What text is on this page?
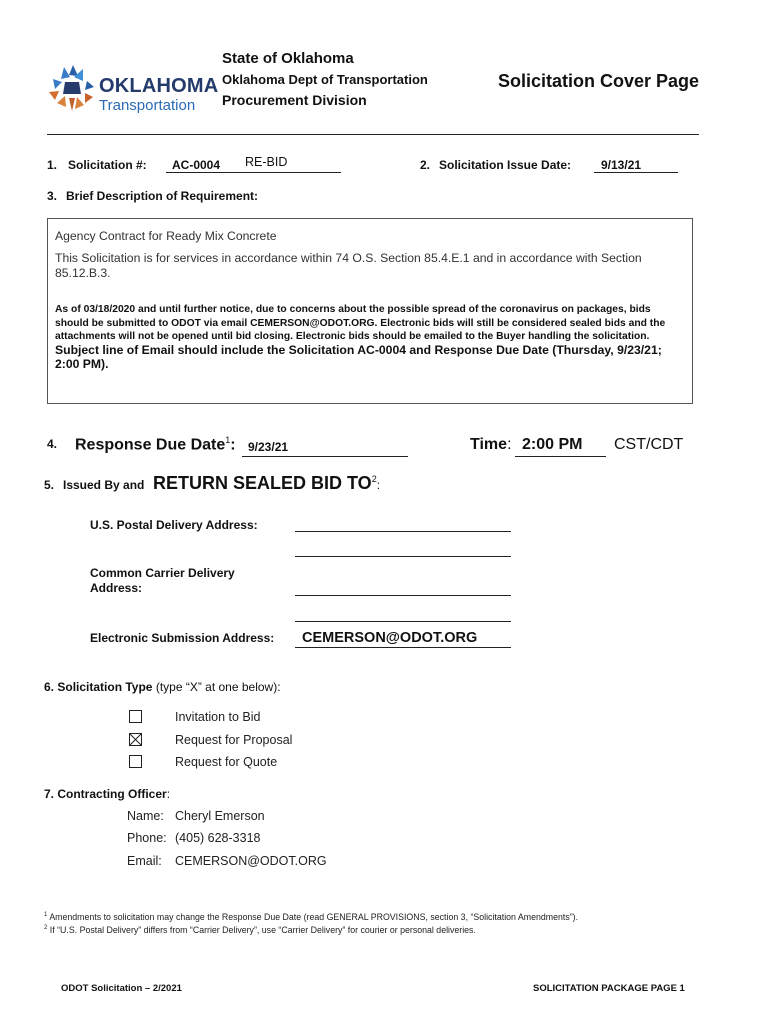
OKLAHOMA
Transportation
State of Oklahoma
Oklahoma Dept of Transportation
Procurement Division
Solicitation Cover Page
1. Solicitation #: AC-0004 RE-BID	2. Solicitation Issue Date: 9/13/21
3. Brief Description of Requirement:
Agency Contract for Ready Mix Concrete
This Solicitation is for services in accordance within 74 O.S. Section 85.4.E.1 and in accordance with Section 85.12.B.3.
As of 03/18/2020 and until further notice, due to concerns about the possible spread of the coronavirus on packages, bids should be submitted to ODOT via email CEMERSON@ODOT.ORG. Electronic bids will still be considered sealed bids and the attachments will not be opened until bid closing. Electronic bids should be emailed to the Buyer handling the solicitation. Subject line of Email should include the Solicitation AC-0004 and Response Due Date (Thursday, 9/23/21; 2:00 PM).
4. Response Due Date$^1$: 9/23/21	Time: 2:00 PM CST/CDT
5. Issued By and RETURN SEALED BID $TO^2$:
U.S. Postal Delivery Address:
Common Carrier Delivery
Address:
Electronic Submission Address: CEMERSON@ODOT.ORG
6. Solicitation Type (type “X” at one below):
Invitation to Bid
Request for Proposal
Request for Quote
7. Contracting Officer:
Name: Cheryl Emerson
Phone: (405) 628-3318
Email: CEMERSON@ODOT.ORG
$^1$ Amendments to solicitation may change the Response Due Date (read GENERAL PROVISIONS, section 3, “Solicitation Amendments”).
$^2$ If “U.S. Postal Delivery” differs from “Carrier Delivery”, use “Carrier Delivery” for courier or personal deliveries.
ODOT Solicitation – 2/2021	SOLICITATION PACKAGE PAGE 1
